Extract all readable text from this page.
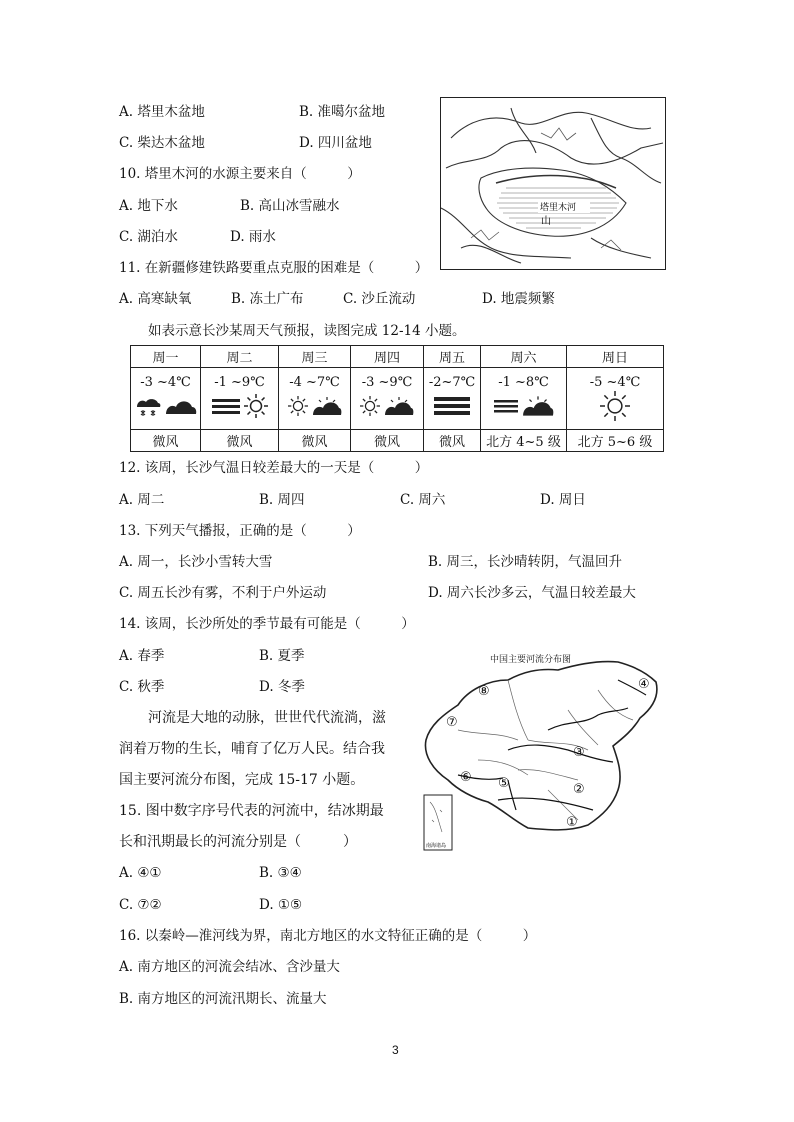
A. 塔里木盆地	B. 准噶尔盆地
C. 柴达木盆地	D. 四川盆地
10. 塔里木河的水源主要来自（　　　）
A. 地下水	B. 高山冰雪融水
C. 湖泊水	D. 雨水
塔里木河
山
11. 在新疆修建铁路要重点克服的困难是（　　　）
A. 高寒缺氧	B. 冻土广布	C. 沙丘流动	D. 地震频繁
如表示意长沙某周天气预报，读图完成 12-14 小题。
周一	周二	周三	周四	周五	周六	周日

-3 ~4℃	-1 ~9℃	-4 ~7℃	-3 ~9℃	-2~7℃	-1 ~8℃	-5 ~4℃

微风	微风	微风	微风	微风	北方 4~5 级	北方 5~6 级
12. 该周，长沙气温日较差最大的一天是（　　　）
A. 周二	B. 周四	C. 周六	D. 周日
13. 下列天气播报，正确的是（　　　）
A. 周一，长沙小雪转大雪	B. 周三，长沙晴转阴，气温回升
C. 周五长沙有雾，不利于户外运动	D. 周六长沙多云，气温日较差最大
14. 该周，长沙所处的季节最有可能是（　　　）
A. 春季	B. 夏季
C. 秋季	D. 冬季
河流是大地的动脉，世世代代流淌，滋
润着万物的生长，哺育了亿万人民。结合我
国主要河流分布图，完成 15-17 小题。
中国主要河流分布图
①
②
③
④
⑤
⑥
⑦
⑧
南海诸岛
15. 图中数字序号代表的河流中，结冰期最
长和汛期最长的河流分别是（　　　）
A. ④①	B. ③④
C. ⑦②	D. ①⑤
16. 以秦岭—淮河线为界，南北方地区的水文特征正确的是（　　　）
A. 南方地区的河流会结冰、含沙量大
B. 南方地区的河流汛期长、流量大
3
